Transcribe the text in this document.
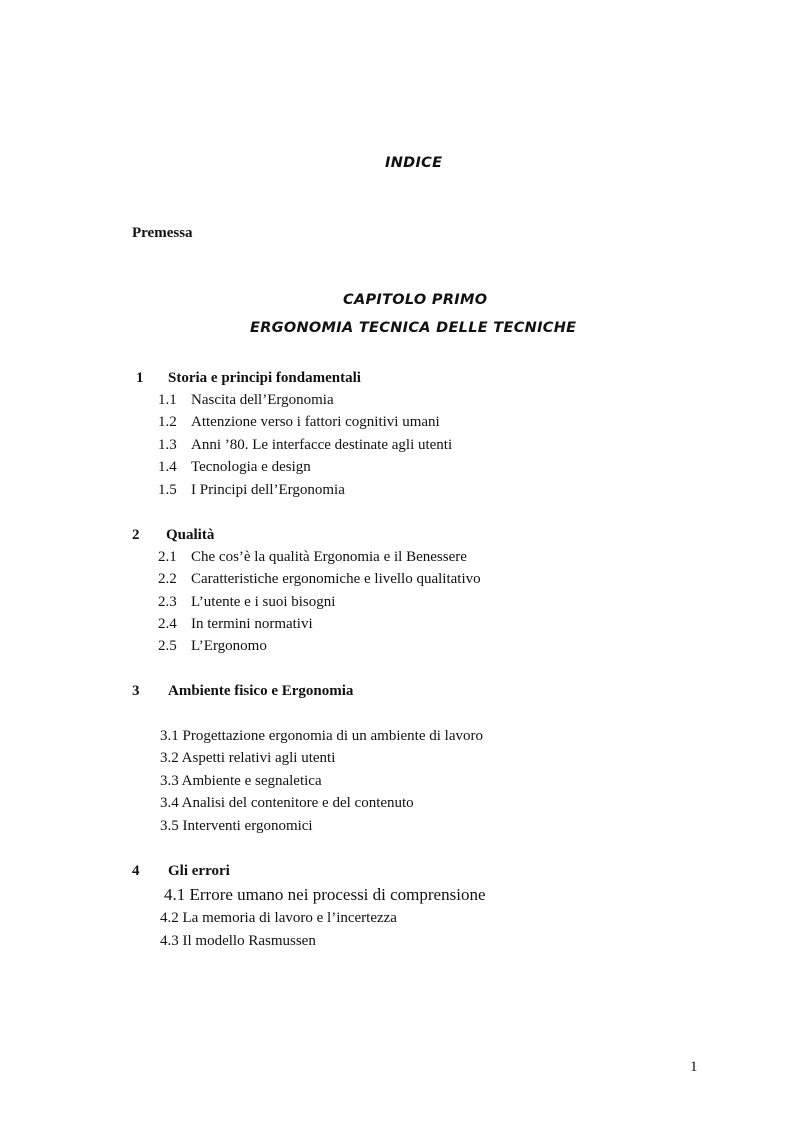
INDICE
Premessa
CAPITOLO PRIMO
ERGONOMIA TECNICA DELLE TECNICHE
1 Storia e principi fondamentali
1.1 Nascita dell’Ergonomia
1.2 Attenzione verso i fattori cognitivi umani
1.3 Anni ’80. Le interfacce destinate agli utenti
1.4 Tecnologia e design
1.5 I Principi dell’Ergonomia
2 Qualità
2.1 Che cos’è la qualità Ergonomia e il Benessere
2.2 Caratteristiche ergonomiche e livello qualitativo
2.3 L’utente e i suoi bisogni
2.4 In termini normativi
2.5 L’Ergonomo
3 Ambiente fisico e Ergonomia
3.1 Progettazione ergonomia di un ambiente di lavoro
3.2 Aspetti relativi agli utenti
3.3 Ambiente e segnaletica
3.4 Analisi del contenitore e del contenuto
3.5 Interventi ergonomici
4 Gli errori
4.1 Errore umano nei processi di comprensione
4.2 La memoria di lavoro e l’incertezza
4.3 Il modello Rasmussen
1
